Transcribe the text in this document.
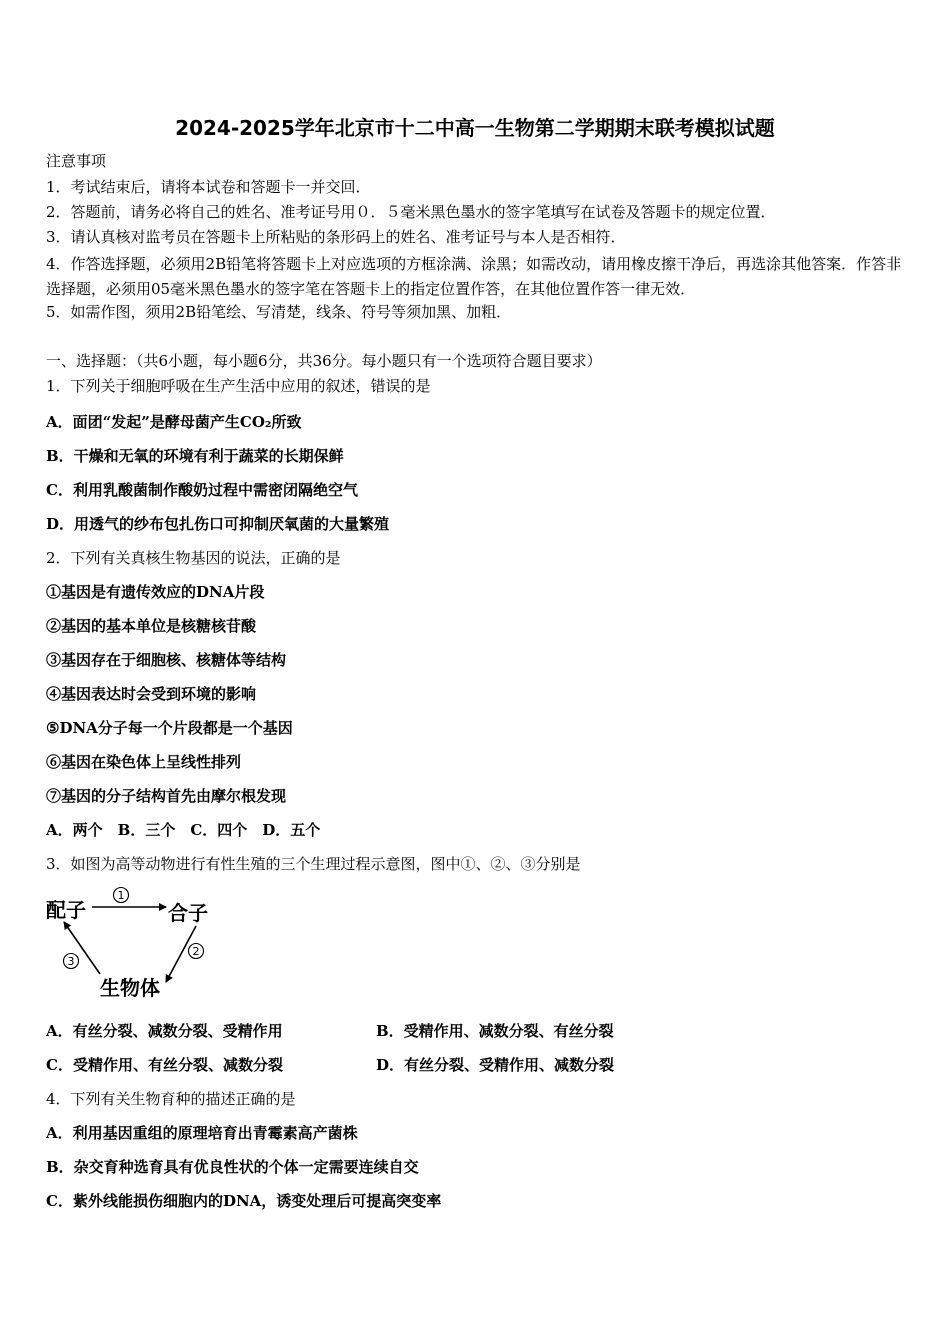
2024-2025学年北京市十二中高一生物第二学期期末联考模拟试题
注意事项
1．考试结束后，请将本试卷和答题卡一并交回．
2．答题前，请务必将自己的姓名、准考证号用０．５毫米黑色墨水的签字笔填写在试卷及答题卡的规定位置．
3．请认真核对监考员在答题卡上所粘贴的条形码上的姓名、准考证号与本人是否相符．
4．作答选择题，必须用2B铅笔将答题卡上对应选项的方框涂满、涂黑；如需改动，请用橡皮擦干净后，再选涂其他答案．作答非选择题，必须用05毫米黑色墨水的签字笔在答题卡上的指定位置作答，在其他位置作答一律无效．
5．如需作图，须用2B铅笔绘、写清楚，线条、符号等须加黑、加粗．
一、选择题：（共6小题，每小题6分，共36分。每小题只有一个选项符合题目要求）
1．下列关于细胞呼吸在生产生活中应用的叙述，错误的是
A．面团“发起”是酵母菌产生CO₂所致
B．干燥和无氧的环境有利于蔬菜的长期保鲜
C．利用乳酸菌制作酸奶过程中需密闭隔绝空气
D．用透气的纱布包扎伤口可抑制厌氧菌的大量繁殖
2．下列有关真核生物基因的说法，正确的是
①基因是有遗传效应的DNA片段
②基因的基本单位是核糖核苷酸
③基因存在于细胞核、核糖体等结构
④基因表达时会受到环境的影响
⑤DNA分子每一个片段都是一个基因
⑥基因在染色体上呈线性排列
⑦基因的分子结构首先由摩尔根发现
A．两个　B．三个　C．四个　D．五个
3．如图为高等动物进行有性生殖的三个生理过程示意图，图中①、②、③分别是
1
2
3
配子	合子
生物体
A．有丝分裂、减数分裂、受精作用	B．受精作用、减数分裂、有丝分裂
C．受精作用、有丝分裂、减数分裂	D．有丝分裂、受精作用、减数分裂
4．下列有关生物育种的描述正确的是
A．利用基因重组的原理培育出青霉素高产菌株
B．杂交育种选育具有优良性状的个体一定需要连续自交
C．紫外线能损伤细胞内的DNA，诱变处理后可提高突变率
